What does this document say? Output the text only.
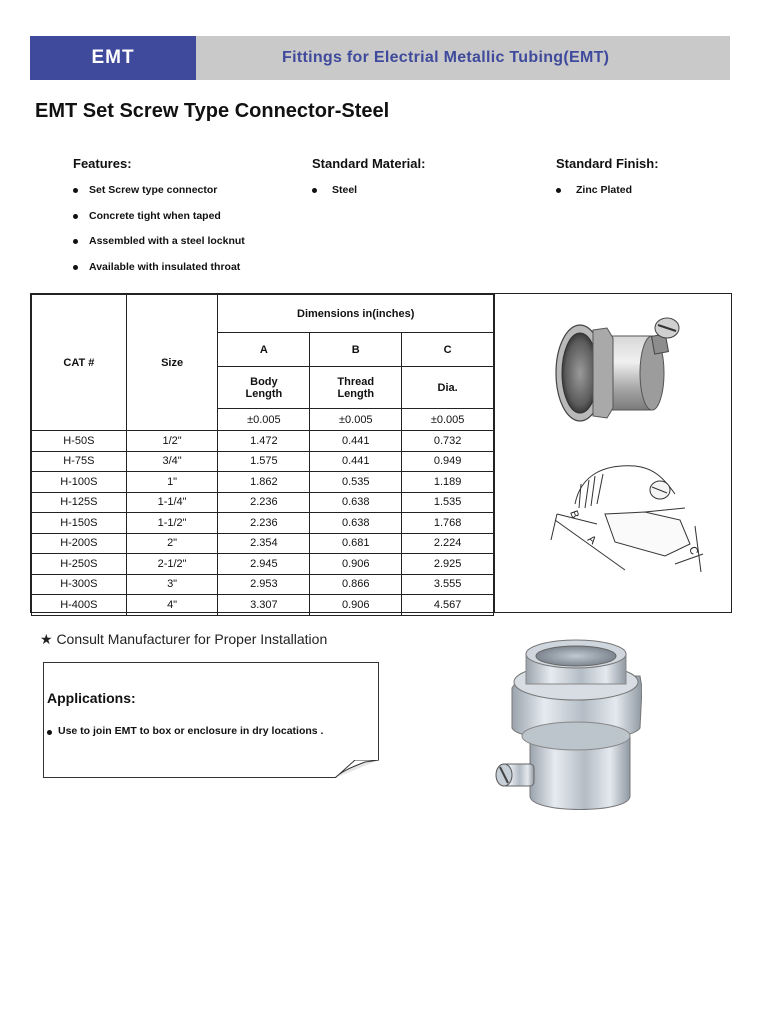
EMT	Fittings for Electrial Metallic Tubing(EMT)
EMT Set Screw Type Connector-Steel
Features:
Set Screw type connector
Concrete tight when taped
Assembled with a steel locknut
Available with insulated throat
Standard Material:
Steel
Standard Finish:
Zinc Plated
CAT #	Size	Dimensions in(inches)		
		A	B	C
		Body Length	Thread Length	Dia.
		±0.005	±0.005	±0.005
H-50S	1/2"	1.472	0.441	0.732
H-75S	3/4"	1.575	0.441	0.949
H-100S	1"	1.862	0.535	1.189
H-125S	1-1/4"	2.236	0.638	1.535
H-150S	1-1/2"	2.236	0.638	1.768
H-200S	2"	2.354	0.681	2.224
H-250S	2-1/2"	2.945	0.906	2.925
H-300S	3"	2.953	0.866	3.555
H-400S	4"	3.307	0.906	4.567
B
A
C
★ Consult Manufacturer for Proper Installation
Applications:
Use to join EMT to box or enclosure in dry locations .
